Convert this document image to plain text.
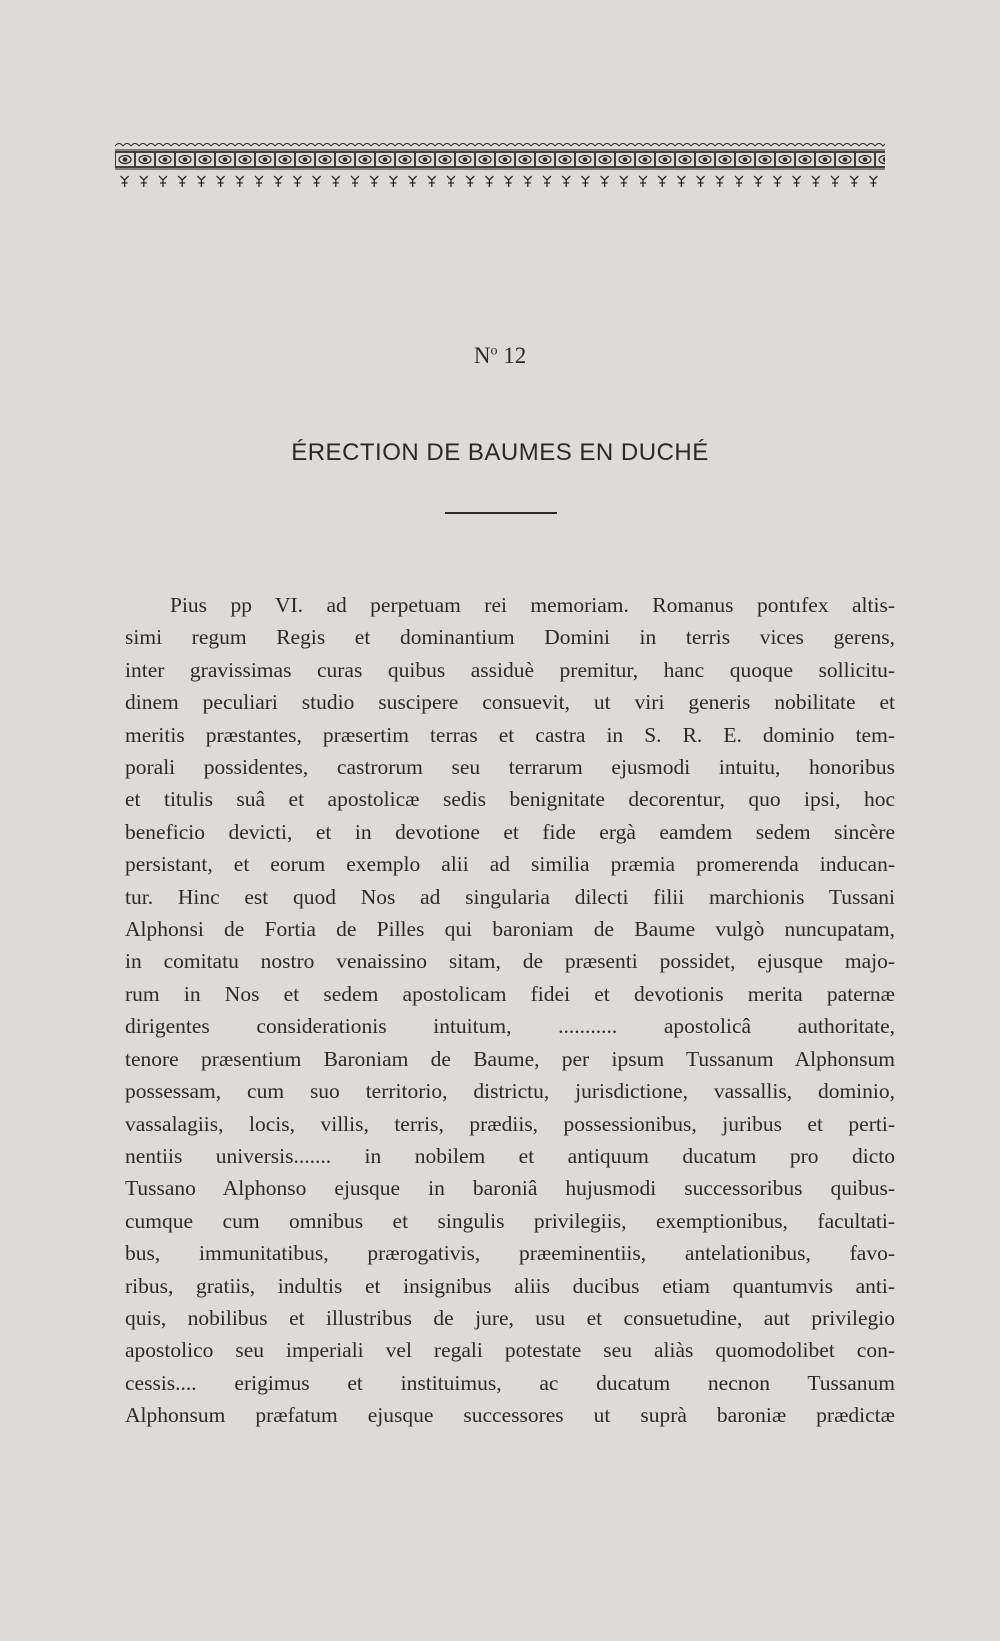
$N^o$ 12
ÉRECTION DE BAUMES EN DUCHÉ
Pius pp VI. ad perpetuam rei memoriam. Romanus pontıfex altis-
simi regum Regis et dominantium Domini in terris vices gerens,
inter gravissimas curas quibus assiduè premitur, hanc quoque sollicitu-
dinem peculiari studio suscipere consuevit, ut viri generis nobilitate et
meritis præstantes, præsertim terras et castra in S. R. E. dominio tem-
porali possidentes, castrorum seu terrarum ejusmodi intuitu, honoribus
et titulis suâ et apostolicæ sedis benignitate decorentur, quo ipsi, hoc
beneficio devicti, et in devotione et fide ergà eamdem sedem sincère
persistant, et eorum exemplo alii ad similia præmia promerenda inducan-
tur. Hinc est quod Nos ad singularia dilecti filii marchionis Tussani
Alphonsi de Fortia de Pilles qui baroniam de Baume vulgò nuncupatam,
in comitatu nostro venaissino sitam, de præsenti possidet, ejusque majo-
rum in Nos et sedem apostolicam fidei et devotionis merita paternæ
dirigentes considerationis intuitum, ........... apostolicâ authoritate,
tenore præsentium Baroniam de Baume, per ipsum Tussanum Alphonsum
possessam, cum suo territorio, districtu, jurisdictione, vassallis, dominio,
vassalagiis, locis, villis, terris, prædiis, possessionibus, juribus et perti-
nentiis universis....... in nobilem et antiquum ducatum pro dicto
Tussano Alphonso ejusque in baroniâ hujusmodi successoribus quibus-
cumque cum omnibus et singulis privilegiis, exemptionibus, facultati-
bus, immunitatibus, prærogativis, præeminentiis, antelationibus, favo-
ribus, gratiis, indultis et insignibus aliis ducibus etiam quantumvis anti-
quis, nobilibus et illustribus de jure, usu et consuetudine, aut privilegio
apostolico seu imperiali vel regali potestate seu aliàs quomodolibet con-
cessis.... erigimus et instituimus, ac ducatum necnon Tussanum
Alphonsum præfatum ejusque successores ut suprà baroniæ prædictæ
